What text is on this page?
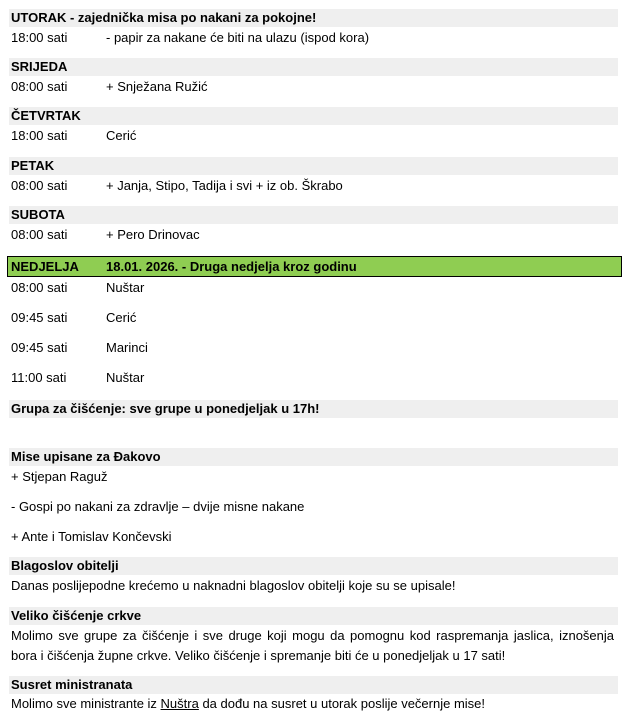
UTORAK - zajednička misa po nakani za pokojne!
18:00 sati	- papir za nakane će biti na ulazu (ispod kora)
SRIJEDA
08:00 sati	+ Snježana Ružić
ČETVRTAK
18:00 sati	Cerić
PETAK
08:00 sati	+ Janja, Stipo, Tadija i svi + iz ob. Škrabo
SUBOTA
08:00 sati	+ Pero Drinovac
NEDJELJA 18.01. 2026. - Druga nedjelja kroz godinu
08:00 sati	Nuštar
09:45 sati	Cerić
09:45 sati	Marinci
11:00 sati	Nuštar
Grupa za čišćenje: sve grupe u ponedjeljak u 17h!
Mise upisane za Đakovo
+ Stjepan Raguž
- Gospi po nakani za zdravlje – dvije misne nakane
+ Ante i Tomislav Končevski
Blagoslov obitelji
Danas poslijepodne krećemo u naknadni blagoslov obitelji koje su se upisale!
Veliko čišćenje crkve
Molimo sve grupe za čišćenje i sve druge koji mogu da pomognu kod raspremanja jaslica, iznošenja bora i čišćenja župne crkve. Veliko čišćenje i spremanje biti će u ponedjeljak u 17 sati!
Susret ministranata
Molimo sve ministrante iz Nuštra da dođu na susret u utorak poslije večernje mise!
